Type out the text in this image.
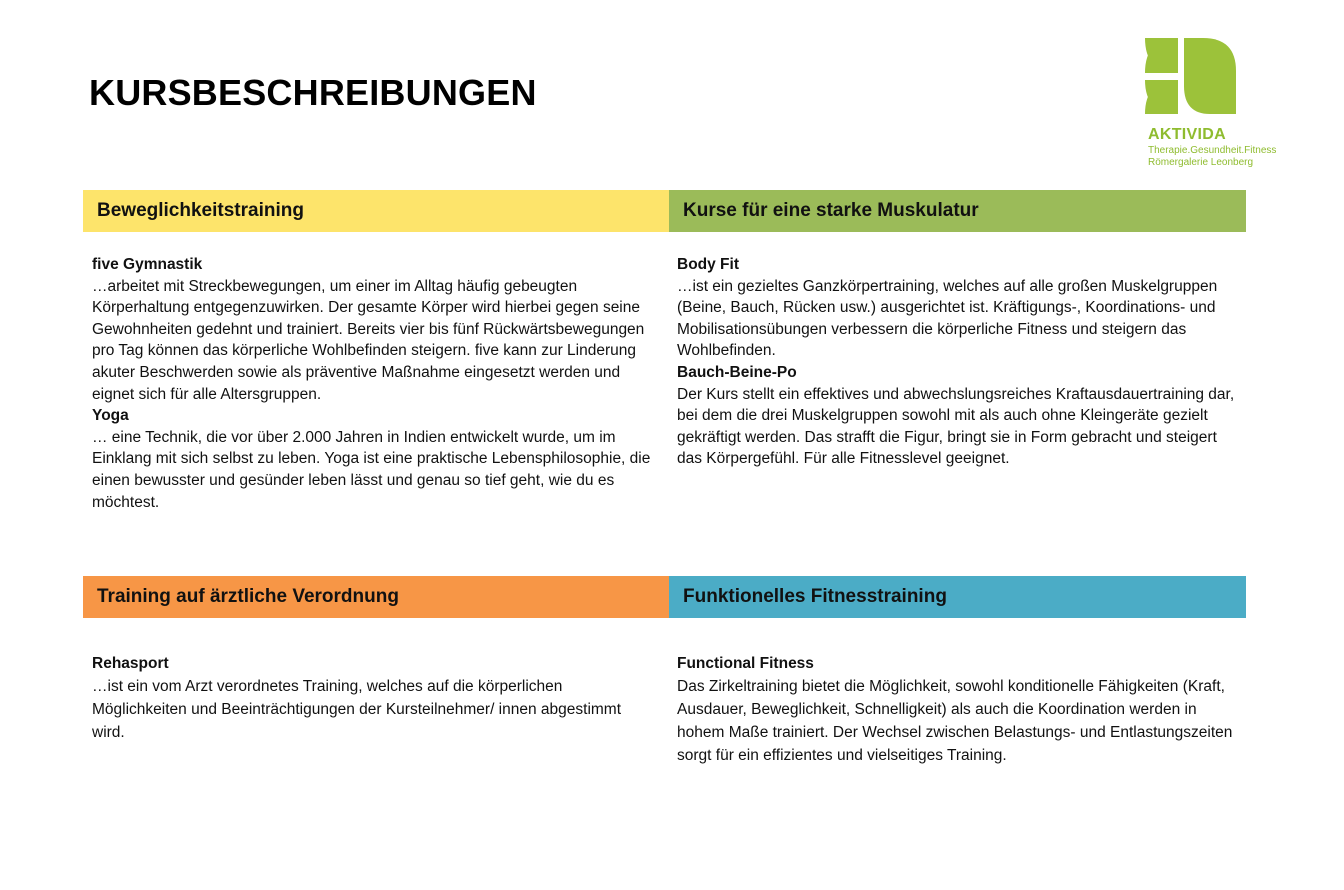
KURSBESCHREIBUNGEN
AKTIVIDA
Therapie.Gesundheit.Fitness
Römergalerie Leonberg
Beweglichkeitstraining

five Gymnastik

…arbeitet mit Streckbewegungen, um einer im Alltag häufig gebeugten Körperhaltung entgegenzuwirken. Der gesamte Körper wird hierbei gegen seine Gewohnheiten gedehnt und trainiert. Bereits vier bis fünf Rückwärtsbewegungen pro Tag können das körperliche Wohlbefinden steigern. five kann zur Linderung akuter Beschwerden sowie als präventive Maßnahme eingesetzt werden und eignet sich für alle Altersgruppen.

Yoga

… eine Technik, die vor über 2.000 Jahren in Indien entwickelt wurde, um im Einklang mit sich selbst zu leben. Yoga ist eine praktische Lebensphilosophie, die einen bewusster und gesünder leben lässt und genau so tief geht, wie du es möchtest.

Kurse für eine starke Muskulatur

Body Fit

…ist ein gezieltes Ganzkörpertraining, welches auf alle großen Muskelgruppen (Beine, Bauch, Rücken usw.) ausgerichtet ist. Kräftigungs-, Koordinations- und Mobilisationsübungen verbessern die körperliche Fitness und steigern das Wohlbefinden.

Bauch-Beine-Po

Der Kurs stellt ein effektives und abwechslungsreiches Kraftausdauertraining dar, bei dem die drei Muskelgruppen sowohl mit als auch ohne Kleingeräte gezielt gekräftigt werden. Das strafft die Figur, bringt sie in Form gebracht und steigert das Körpergefühl. Für alle Fitnesslevel geeignet.

Training auf ärztliche Verordnung

Rehasport

…ist ein vom Arzt verordnetes Training, welches auf die körperlichen Möglichkeiten und Beeinträchtigungen der Kursteilnehmer/ innen abgestimmt wird.

Funktionelles Fitnesstraining

Functional Fitness

Das Zirkeltraining bietet die Möglichkeit, sowohl konditionelle Fähigkeiten (Kraft, Ausdauer, Beweglichkeit, Schnelligkeit) als auch die Koordination werden in hohem Maße trainiert. Der Wechsel zwischen Belastungs- und Entlastungszeiten sorgt für ein effizientes und vielseitiges Training.
